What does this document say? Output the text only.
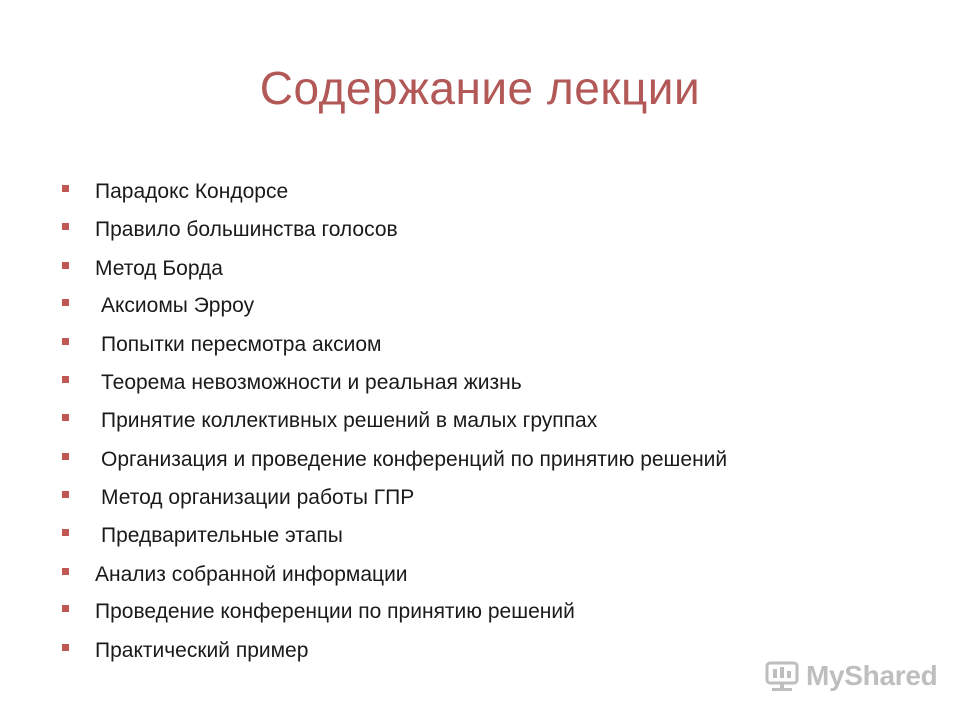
Содержание лекции
Парадокс Кондорсе
Правило большинства голосов
Метод Борда
Аксиомы Эрроу
Попытки пересмотра аксиом
Теорема невозможности и реальная жизнь
Принятие коллективных решений в малых группах
Организация и проведение конференций по принятию решений
Метод организации работы ГПР
Предварительные этапы
Анализ собранной информации
Проведение конференции по принятию решений
Практический пример
MyShared
